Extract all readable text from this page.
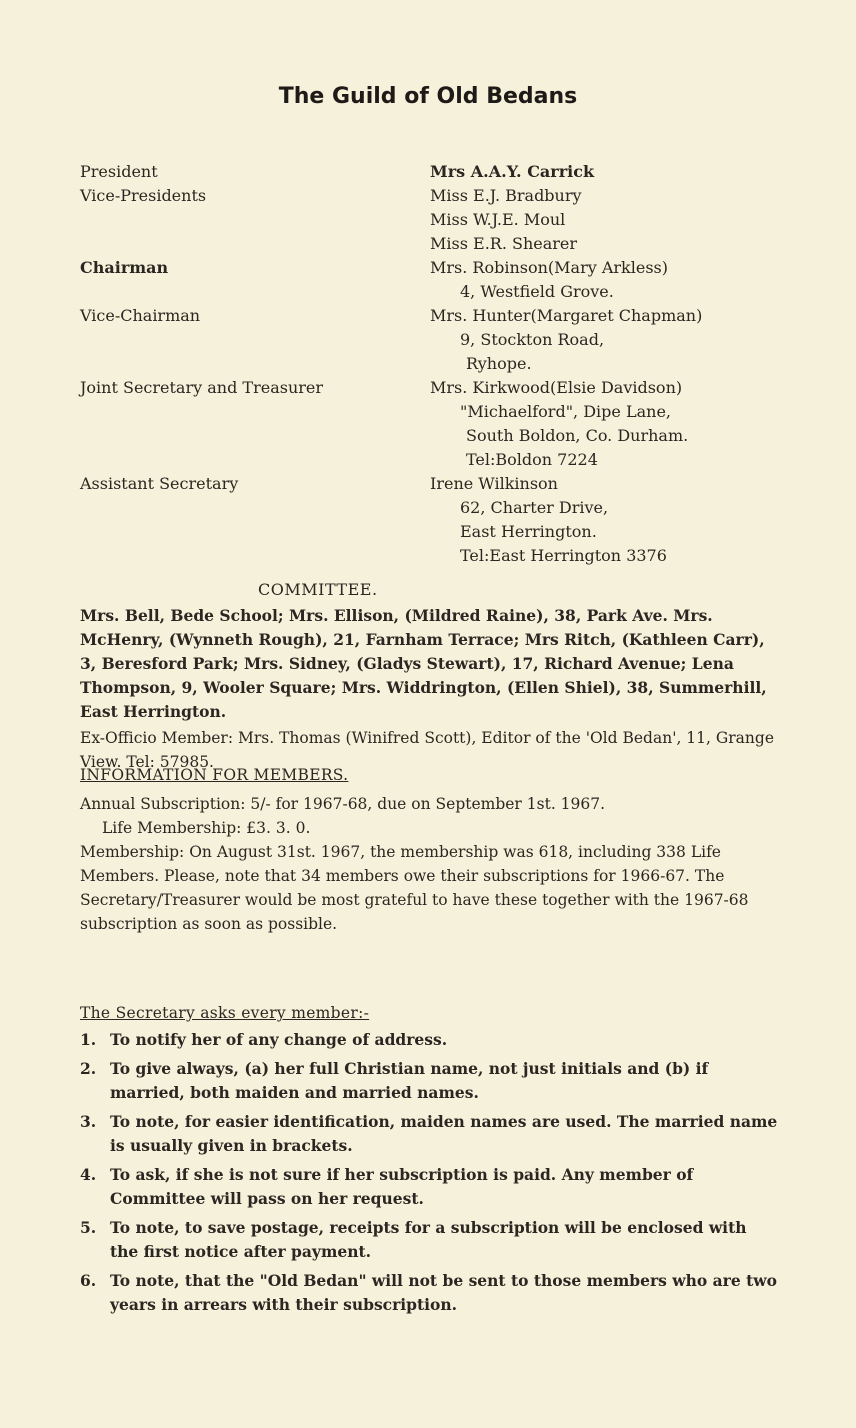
The Guild of Old Bedans
President	Mrs A.A.Y. Carrick
Vice-Presidents	Miss E.J. Bradbury
Miss W.J.E. Moul
Miss E.R. Shearer
Chairman	Mrs. Robinson(Mary Arkless)
4, Westfield Grove.
Vice-Chairman	Mrs. Hunter(Margaret Chapman)
9, Stockton Road,
Ryhope.
Joint Secretary and Treasurer	Mrs. Kirkwood(Elsie Davidson)
"Michaelford", Dipe Lane,
South Boldon, Co. Durham.
Tel:Boldon 7224
Assistant Secretary	Irene Wilkinson
62, Charter Drive,
East Herrington.
Tel:East Herrington 3376
COMMITTEE.

Mrs. Bell, Bede School; Mrs. Ellison, (Mildred Raine), 38, Park Ave. Mrs. McHenry, (Wynneth Rough), 21, Farnham Terrace; Mrs Ritch, (Kathleen Carr), 3, Beresford Park; Mrs. Sidney, (Gladys Stewart), 17, Richard Avenue; Lena Thompson, 9, Wooler Square; Mrs. Widdrington, (Ellen Shiel), 38, Summerhill, East Herrington.

Ex-Officio Member: Mrs. Thomas (Winifred Scott), Editor of the 'Old Bedan', 11, Grange View. Tel: 57985.

INFORMATION FOR MEMBERS.

Annual Subscription: 5/- for 1967-68, due on September 1st. 1967.

Life Membership: £3. 3. 0.

Membership: On August 31st. 1967, the membership was 618, including 338 Life Members. Please, note that 34 members owe their subscriptions for 1966-67. The Secretary/Treasurer would be most grateful to have these together with the 1967-68 subscription as soon as possible.

The Secretary asks every member:-
1. To notify her of any change of address.
2. To give always, (a) her full Christian name, not just initials and (b) if married, both maiden and married names.
3. To note, for easier identification, maiden names are used. The married name is usually given in brackets.
4. To ask, if she is not sure if her subscription is paid. Any member of Committee will pass on her request.
5. To note, to save postage, receipts for a subscription will be enclosed with the first notice after payment.
6. To note, that the "Old Bedan" will not be sent to those members who are two years in arrears with their subscription.
